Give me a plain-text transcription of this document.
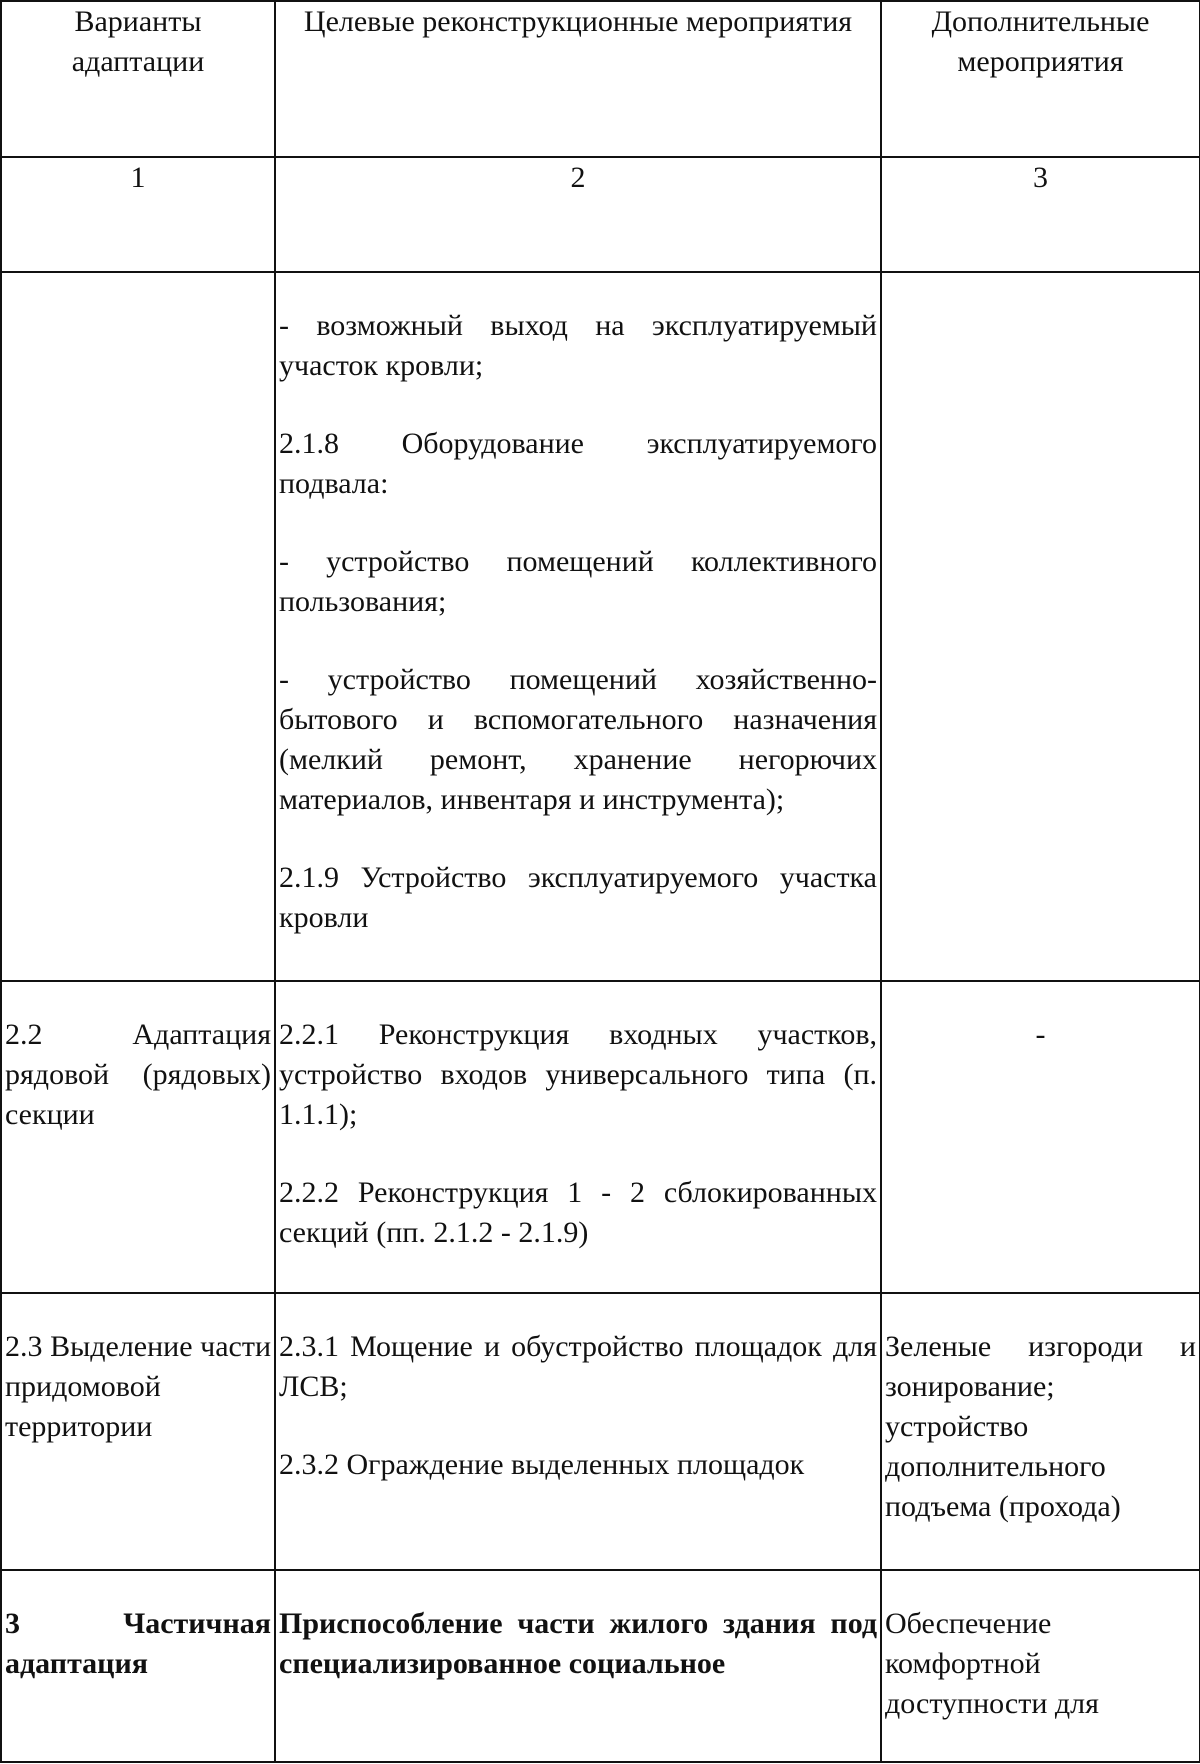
Варианты адаптации	Целевые реконструкционные мероприятия	Дополнительные мероприятия

1	2	3

	- возможный выход на эксплуатируемый участок кровли;

2.1.8 Оборудование эксплуатируемого подвала:

- устройство помещений коллективного пользования;

- устройство помещений хозяйственно-бытового и вспомогательного назначения (мелкий ремонт, хранение негорючих материалов, инвентаря и инструмента);

2.1.9 Устройство эксплуатируемого участка кровли	

2.2 Адаптация рядовой (рядовых) секции	2.2.1 Реконструкция входных участков, устройство входов универсального типа (п. 1.1.1);

2.2.2 Реконструкция 1 - 2 сблокированных секций (пп. 2.1.2 - 2.1.9)	-

2.3 Выделение части придомовой территории	2.3.1 Мощение и обустройство площадок для ЛСВ;

2.3.2 Ограждение выделенных площадок	Зеленые изгороди и зонирование; устройство дополнительного подъема (прохода)

3 Частичная адаптация	Приспособление части жилого здания под специализированное социальное	Обеспечение комфортной доступности для
